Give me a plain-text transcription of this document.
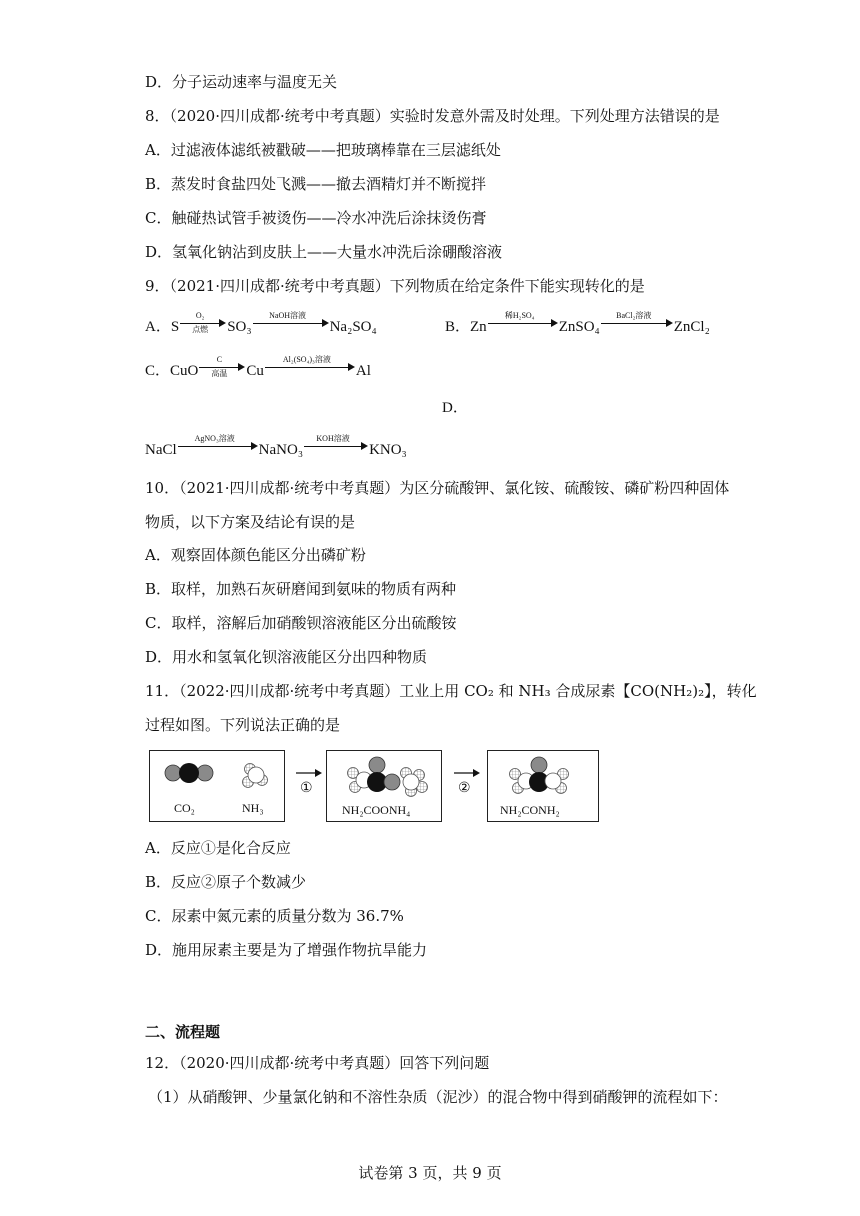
D．分子运动速率与温度无关
8．（2020·四川成都·统考中考真题）实验时发意外需及时处理。下列处理方法错误的是
A．过滤液体滤纸被戳破——把玻璃棒靠在三层滤纸处
B．蒸发时食盐四处飞溅——撤去酒精灯并不断搅拌
C．触碰热试管手被烫伤——冷水冲洗后涂抹烫伤膏
D．氢氧化钠沾到皮肤上——大量水冲洗后涂硼酸溶液
9．（2021·四川成都·统考中考真题）下列物质在给定条件下能实现转化的是
A．S
O₂
点燃	SO₃
NaOH溶液
Na₂SO₄	B．Zn
稀H₂SO₄
ZnSO₄
BaCl₂溶液
ZnCl₂
C．CuO
C
高温	Cu
Al₂(SO₄)₃溶液
Al
D．
NaCl
AgNO₃溶液
NaNO₃
KOH溶液
KNO₃
10．（2021·四川成都·统考中考真题）为区分硫酸钾、氯化铵、硫酸铵、磷矿粉四种固体
物质，以下方案及结论有误的是
A．观察固体颜色能区分出磷矿粉
B．取样，加熟石灰研磨闻到氨味的物质有两种
C．取样，溶解后加硝酸钡溶液能区分出硫酸铵
D．用水和氢氧化钡溶液能区分出四种物质
11．（2022·四川成都·统考中考真题）工业上用 CO₂ 和 NH₃ 合成尿素【CO(NH₂)₂】，转化
过程如图。下列说法正确的是
CO₂	NH₃
①
NH₂COONH₄
②
NH₂CONH₂
A．反应①是化合反应
B．反应②原子个数减少
C．尿素中氮元素的质量分数为 36.7%
D．施用尿素主要是为了增强作物抗旱能力
二、流程题
12．（2020·四川成都·统考中考真题）回答下列问题
（1）从硝酸钾、少量氯化钠和不溶性杂质（泥沙）的混合物中得到硝酸钾的流程如下：
试卷第 3 页，共 9 页
